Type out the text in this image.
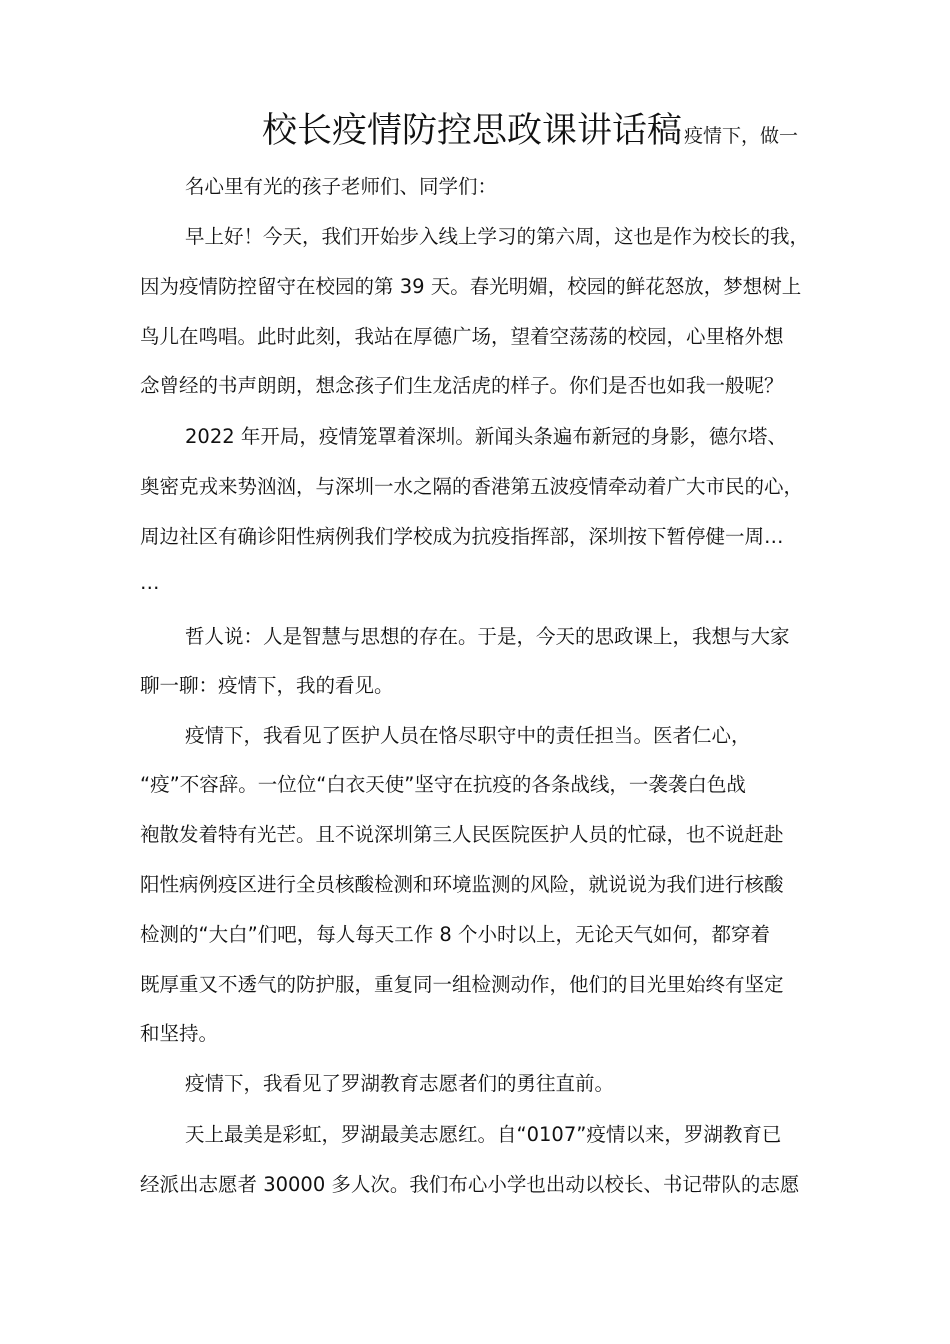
校长疫情防控思政课讲话稿 疫情下，做一
名心里有光的孩子老师们、同学们：
早上好！今天，我们开始步入线上学习的第六周，这也是作为校长的我，
因为疫情防控留守在校园的第 39 天。春光明媚，校园的鲜花怒放，梦想树上
鸟儿在鸣唱。此时此刻，我站在厚德广场，望着空荡荡的校园，心里格外想
念曾经的书声朗朗，想念孩子们生龙活虎的样子。你们是否也如我一般呢？
2022 年开局，疫情笼罩着深圳。新闻头条遍布新冠的身影，德尔塔、
奥密克戎来势汹汹，与深圳一水之隔的香港第五波疫情牵动着广大市民的心，
周边社区有确诊阳性病例我们学校成为抗疫指挥部，深圳按下暂停健一周…
…
哲人说：人是智慧与思想的存在。于是，今天的思政课上，我想与大家
聊一聊：疫情下，我的看见。
疫情下，我看见了医护人员在恪尽职守中的责任担当。医者仁心，
“疫”不容辞。一位位“白衣天使”坚守在抗疫的各条战线，一袭袭白色战
袍散发着特有光芒。且不说深圳第三人民医院医护人员的忙碌，也不说赶赴
阳性病例疫区进行全员核酸检测和环境监测的风险，就说说为我们进行核酸
检测的“大白”们吧，每人每天工作 8 个小时以上，无论天气如何，都穿着
既厚重又不透气的防护服，重复同一组检测动作，他们的目光里始终有坚定
和坚持。
疫情下，我看见了罗湖教育志愿者们的勇往直前。
天上最美是彩虹，罗湖最美志愿红。自“0107”疫情以来，罗湖教育已
经派出志愿者 30000 多人次。我们布心小学也出动以校长、书记带队的志愿
